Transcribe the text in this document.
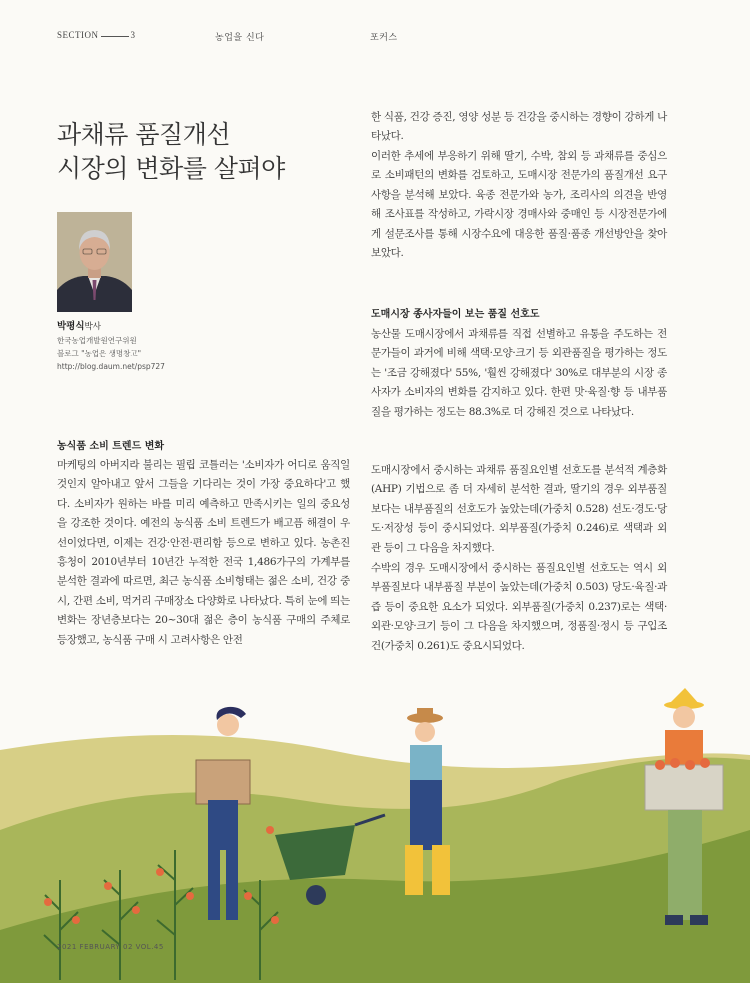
SECTION	3	농업을 신다	포커스
과채류 품질개선
시장의 변화를 살펴야
박평식박사
한국농업개발원연구위원
블로그 "농업은 생명창고"
http://blog.daum.net/psp727
농식품 소비 트렌드 변화
마케팅의 아버지라 불리는 필립 코틀러는 '소비자가 어디로 움직일 것인지 알아내고 앞서 그들을 기다리는 것이 가장 중요하다'고 했다. 소비자가 원하는 바를 미리 예측하고 만족시키는 일의 중요성을 강조한 것이다. 예전의 농식품 소비 트렌드가 배고픔 해결이 우선이었다면, 이제는 건강·안전·편리함 등으로 변하고 있다. 농촌진흥청이 2010년부터 10년간 누적한 전국 1,486가구의 가계부를 분석한 결과에 따르면, 최근 농식품 소비형태는 젊은 소비, 건강 중시, 간편 소비, 먹거리 구매장소 다양화로 나타났다. 특히 눈에 띄는 변화는 장년층보다는 20~30대 젊은 층이 농식품 구매의 주체로 등장했고, 농식품 구매 시 고려사항은 안전
한 식품, 건강 증진, 영양 성분 등 건강을 중시하는 경향이 강하게 나타났다.
이러한 추세에 부응하기 위해 딸기, 수박, 참외 등 과채류를 중심으로 소비패턴의 변화를 검토하고, 도매시장 전문가의 품질개선 요구사항을 분석해 보았다. 육종 전문가와 농가, 조리사의 의견을 반영해 조사표를 작성하고, 가락시장 경매사와 중매인 등 시장전문가에게 설문조사를 통해 시장수요에 대응한 품질·품종 개선방안을 찾아보았다.
도매시장 종사자들이 보는 품질 선호도
농산물 도매시장에서 과채류를 직접 선별하고 유통을 주도하는 전문가들이 과거에 비해 색택·모양·크기 등 외관품질을 평가하는 정도는 '조금 강해졌다' 55%, '훨씬 강해졌다' 30%로 대부분의 시장 종사자가 소비자의 변화를 감지하고 있다. 한편 맛·육질·향 등 내부품질을 평가하는 정도는 88.3%로 더 강해진 것으로 나타났다.
도매시장에서 중시하는 과채류 품질요인별 선호도를 분석적 계층화(AHP) 기법으로 좀 더 자세히 분석한 결과, 딸기의 경우 외부품질보다는 내부품질의 선호도가 높았는데(가중치 0.528) 선도·경도·당도·저장성 등이 중시되었다. 외부품질(가중치 0.246)로 색택과 외관 등이 그 다음을 차지했다.
수박의 경우 도매시장에서 중시하는 품질요인별 선호도는 역시 외부품질보다 내부품질 부분이 높았는데(가중치 0.503) 당도·육질·과즙 등이 중요한 요소가 되었다. 외부품질(가중치 0.237)로는 색택·외관·모양·크기 등이 그 다음을 차지했으며, 정품질·정시 등 구입조건(가중치 0.261)도 중요시되었다.
2021 FEBRUARY 02 VOL.45
